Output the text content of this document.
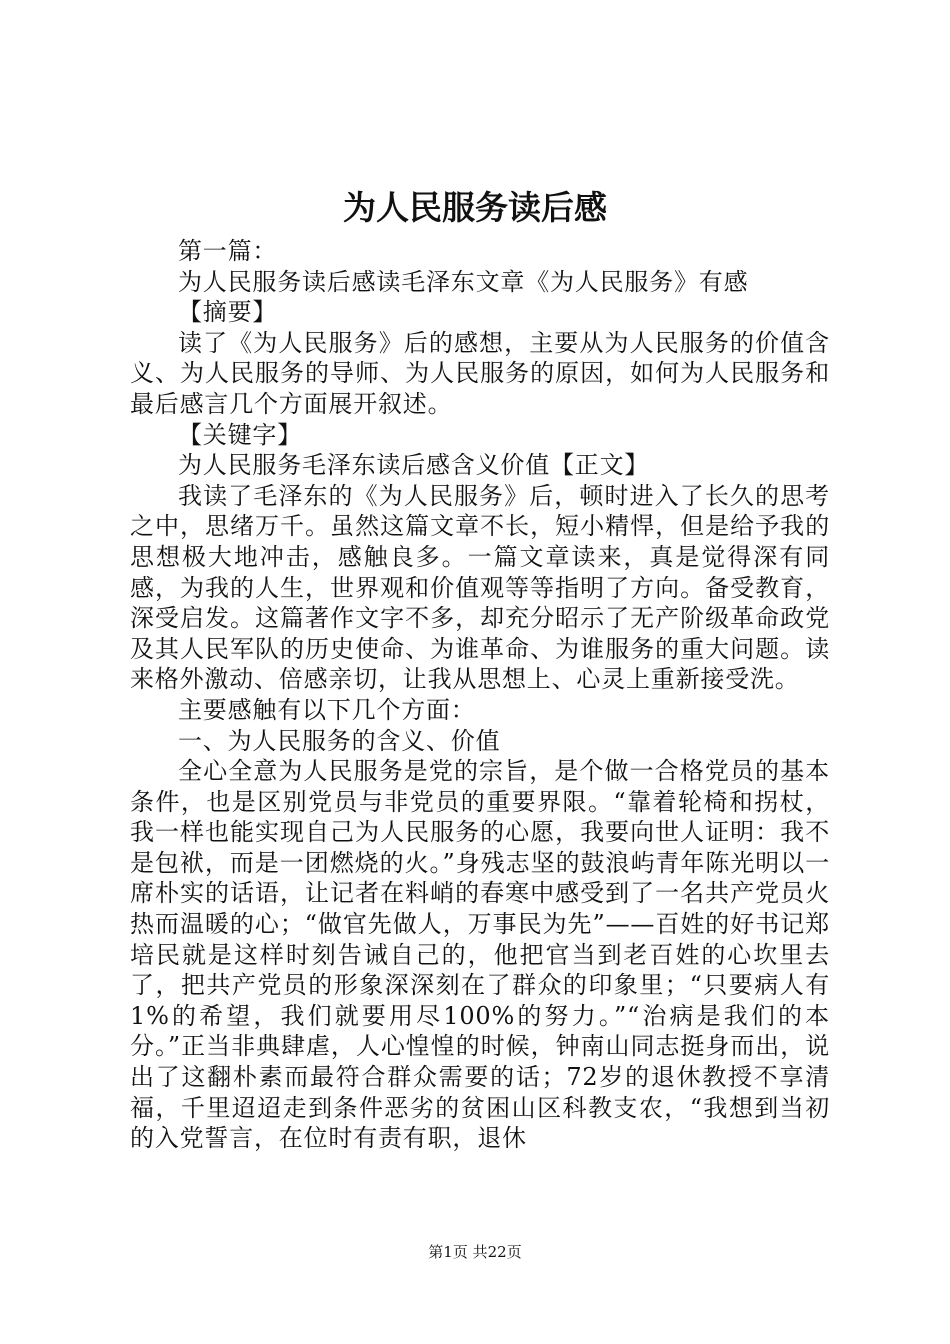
为人民服务读后感

第一篇：

为人民服务读后感读毛泽东文章《为人民服务》有感

【摘要】

读了《为人民服务》后的感想，主要从为人民服务的价值含义、为人民服务的导师、为人民服务的原因，如何为人民服务和最后感言几个方面展开叙述。

【关键字】

为人民服务毛泽东读后感含义价值【正文】

我读了毛泽东的《为人民服务》后，顿时进入了长久的思考之中，思绪万千。虽然这篇文章不长，短小精悍，但是给予我的思想极大地冲击，感触良多。一篇文章读来，真是觉得深有同感，为我的人生，世界观和价值观等等指明了方向。备受教育，深受启发。这篇著作文字不多，却充分昭示了无产阶级革命政党及其人民军队的历史使命、为谁革命、为谁服务的重大问题。读来格外激动、倍感亲切，让我从思想上、心灵上重新接受洗。

主要感触有以下几个方面：

一、为人民服务的含义、价值

全心全意为人民服务是党的宗旨，是个做一合格党员的基本条件，也是区别党员与非党员的重要界限。“靠着轮椅和拐杖，我一样也能实现自己为人民服务的心愿，我要向世人证明：我不是包袱，而是一团燃烧的火。”身残志坚的鼓浪屿青年陈光明以一席朴实的话语，让记者在料峭的春寒中感受到了一名共产党员火热而温暖的心；“做官先做人，万事民为先”——百姓的好书记郑培民就是这样时刻告诫自己的，他把官当到老百姓的心坎里去了，把共产党员的形象深深刻在了群众的印象里；“只要病人有1%的希望，我们就要用尽100%的努力。”“治病是我们的本分。”正当非典肆虐，人心惶惶的时候，钟南山同志挺身而出，说出了这翻朴素而最符合群众需要的话；72岁的退休教授不享清福，千里迢迢走到条件恶劣的贫困山区科教支农，“我想到当初的入党誓言，在位时有责有职，退休

第1页 共22页
